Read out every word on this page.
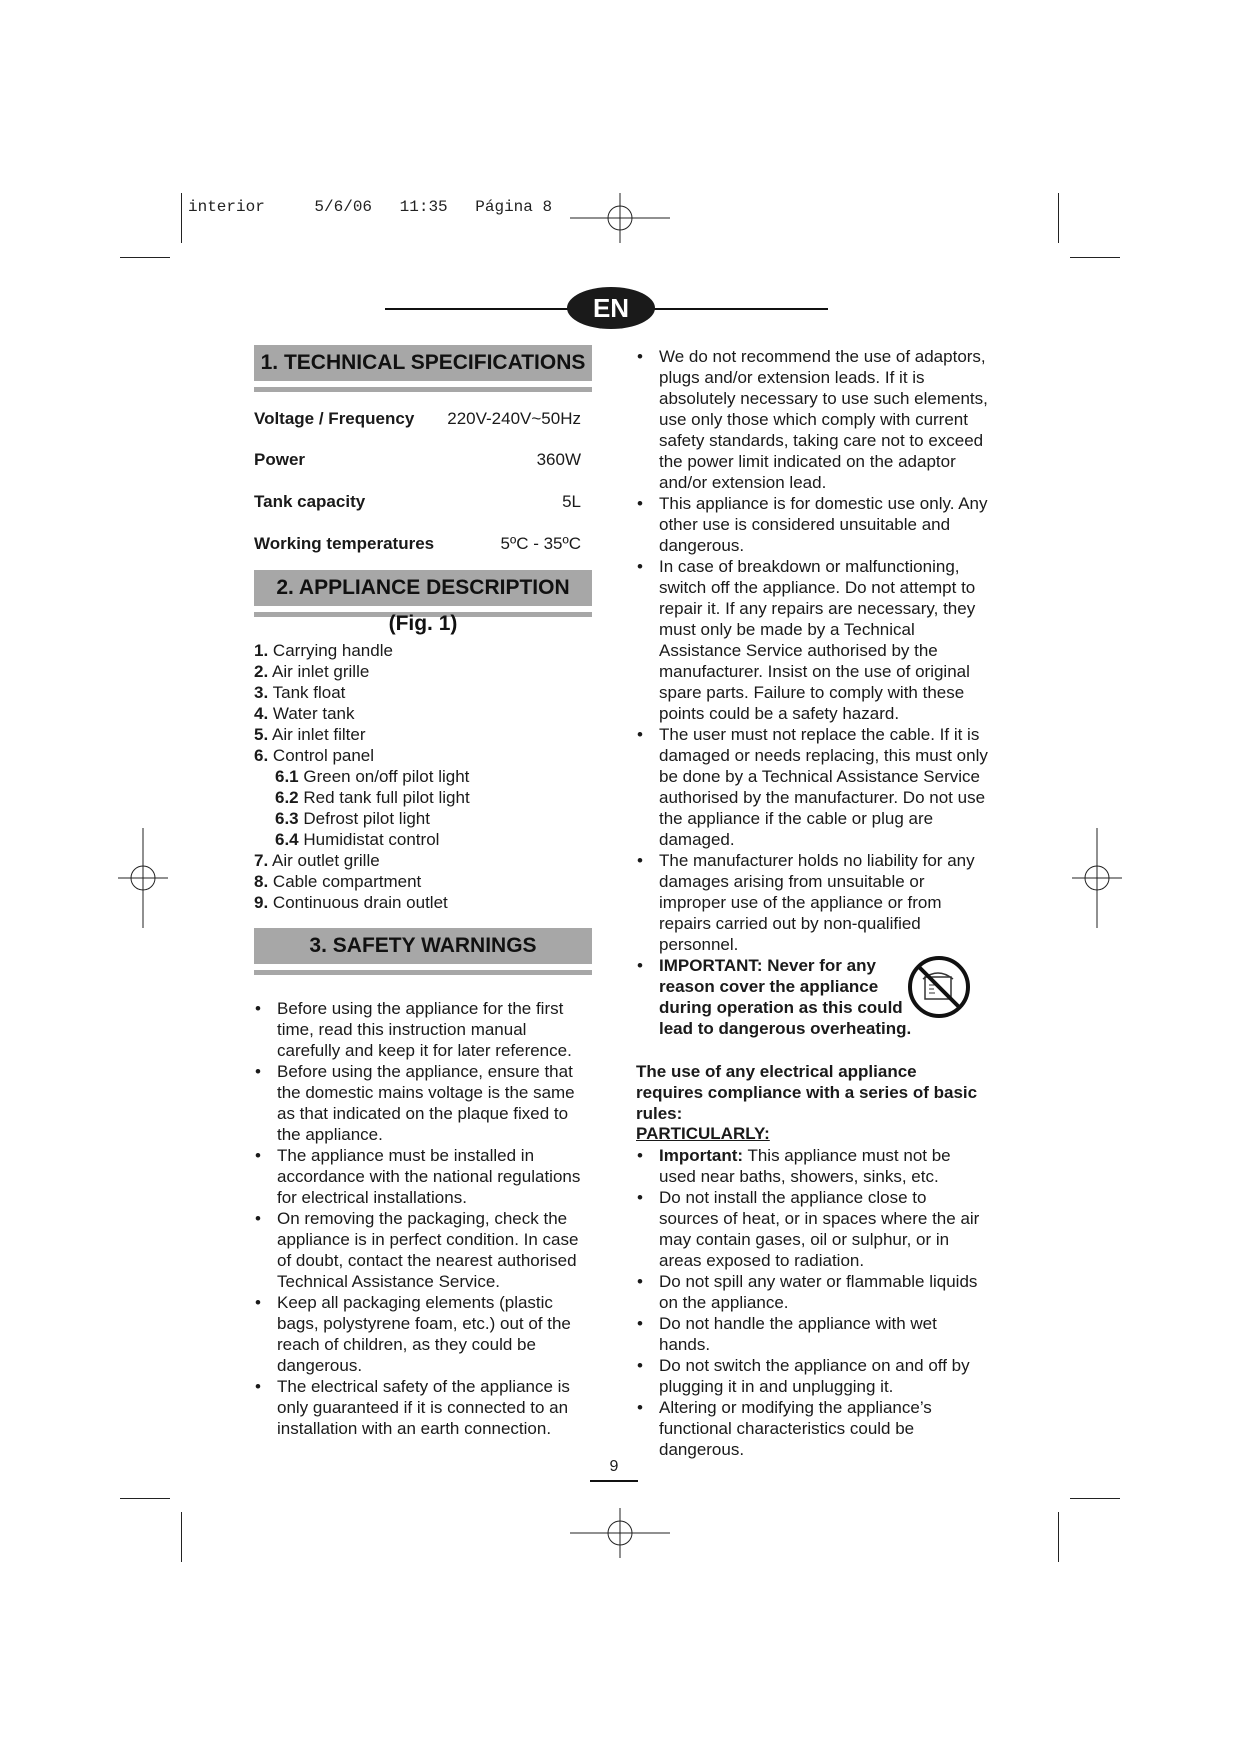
interior	5/6/06 11:35 Página 8
EN
1. TECHNICAL SPECIFICATIONS
Voltage / Frequency 220V-240V~50Hz
Power	360W
Tank capacity	5L
Working temperatures	5ºC - 35ºC
2. APPLIANCE DESCRIPTION (Fig. 1)
1. Carrying handle
2. Air inlet grille
3. Tank float
4. Water tank
5. Air inlet filter
6. Control panel
6.1 Green on/off pilot light
6.2 Red tank full pilot light
6.3 Defrost pilot light
6.4 Humidistat control
7. Air outlet grille
8. Cable compartment
9. Continuous drain outlet
3. SAFETY WARNINGS
• Before using the appliance for the first time, read this instruction manual carefully and keep it for later reference.
• Before using the appliance, ensure that the domestic mains voltage is the same as that indicated on the plaque fixed to the appliance.
• The appliance must be installed in accordance with the national regulations for electrical installations.
• On removing the packaging, check the appliance is in perfect condition. In case of doubt, contact the nearest authorised Technical Assistance Service.
• Keep all packaging elements (plastic bags, polystyrene foam, etc.) out of the reach of children, as they could be dangerous.
• The electrical safety of the appliance is only guaranteed if it is connected to an installation with an earth connection.
• We do not recommend the use of adaptors, plugs and/or extension leads. If it is absolutely necessary to use such elements, use only those which comply with current safety standards, taking care not to exceed the power limit indicated on the adaptor and/or extension lead.
• This appliance is for domestic use only. Any other use is considered unsuitable and dangerous.
• In case of breakdown or malfunctioning, switch off the appliance. Do not attempt to repair it. If any repairs are necessary, they must only be made by a Technical Assistance Service authorised by the manufacturer. Insist on the use of original spare parts. Failure to comply with these points could be a safety hazard.
• The user must not replace the cable. If it is damaged or needs replacing, this must only be done by a Technical Assistance Service authorised by the manufacturer. Do not use the appliance if the cable or plug are damaged.
• The manufacturer holds no liability for any damages arising from unsuitable or improper use of the appliance or from repairs carried out by non-qualified personnel.
• IMPORTANT: Never for any reason cover the appliance during operation as this could lead to dangerous overheating.
The use of any electrical appliance requires compliance with a series of basic rules:
PARTICULARLY:
• Important: This appliance must not be used near baths, showers, sinks, etc.
• Do not install the appliance close to sources of heat, or in spaces where the air may contain gases, oil or sulphur, or in areas exposed to radiation.
• Do not spill any water or flammable liquids on the appliance.
• Do not handle the appliance with wet hands.
• Do not switch the appliance on and off by plugging it in and unplugging it.
• Altering or modifying the appliance’s functional characteristics could be dangerous.
9
